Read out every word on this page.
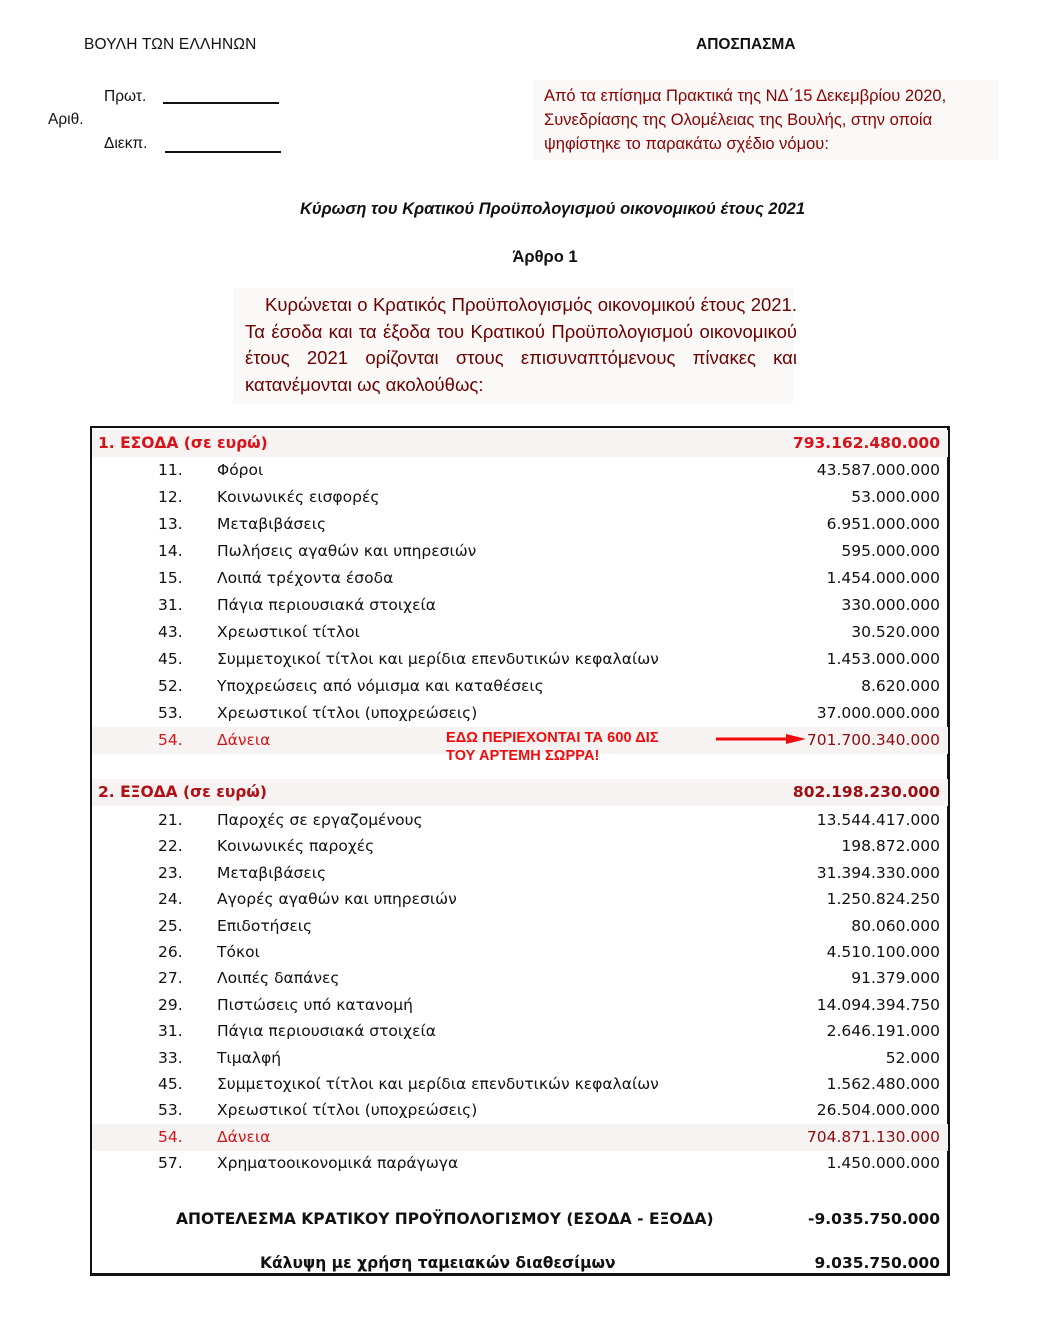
ΒΟΥΛΗ ΤΩΝ ΕΛΛΗΝΩΝ	ΑΠΟΣΠΑΣΜΑ
Πρωτ.
Αριθ.
Διεκπ.
Από τα επίσημα Πρακτικά της ΝΔ΄15 Δεκεμβρίου 2020,
Συνεδρίασης της Ολομέλειας της Βουλής, στην οποία
ψηφίστηκε το παρακάτω σχέδιο νόμου:
Κύρωση του Κρατικού Προϋπολογισμού οικονομικού έτους 2021
Άρθρο 1
Κυρώνεται ο Κρατικός Προϋπολογισμός οικονομικού έτους 2021. Τα έσοδα και τα έξοδα του Κρατικού Προϋπολογισμού οικονομικού έτους 2021 ορίζονται στους επισυναπτόμενους πίνακες και κατανέμονται ως ακολούθως:
1. ΕΣΟΔΑ (σε ευρώ)	793.162.480.000
11.	Φόροι	43.587.000.000
12.	Κοινωνικές εισφορές	53.000.000
13.	Μεταβιβάσεις	6.951.000.000
14.	Πωλήσεις αγαθών και υπηρεσιών	595.000.000
15.	Λοιπά τρέχοντα έσοδα	1.454.000.000
31.	Πάγια περιουσιακά στοιχεία	330.000.000
43.	Χρεωστικοί τίτλοι	30.520.000
45.	Συμμετοχικοί τίτλοι και μερίδια επενδυτικών κεφαλαίων	1.453.000.000
52.	Υποχρεώσεις από νόμισμα και καταθέσεις	8.620.000
53.	Χρεωστικοί τίτλοι (υποχρεώσεις)	37.000.000.000
54.	Δάνεια	701.700.340.000
ΕΔΩ ΠΕΡΙΕΧΟΝΤΑΙ ΤΑ 600 ΔΙΣ
ΤΟΥ ΑΡΤΕΜΗ ΣΩΡΡΑ!
2. ΕΞΟΔΑ (σε ευρώ)	802.198.230.000
21.	Παροχές σε εργαζομένους	13.544.417.000
22.	Κοινωνικές παροχές	198.872.000
23.	Μεταβιβάσεις	31.394.330.000
24.	Αγορές αγαθών και υπηρεσιών	1.250.824.250
25.	Επιδοτήσεις	80.060.000
26.	Τόκοι	4.510.100.000
27.	Λοιπές δαπάνες	91.379.000
29.	Πιστώσεις υπό κατανομή	14.094.394.750
31.	Πάγια περιουσιακά στοιχεία	2.646.191.000
33.	Τιμαλφή	52.000
45.	Συμμετοχικοί τίτλοι και μερίδια επενδυτικών κεφαλαίων	1.562.480.000
53.	Χρεωστικοί τίτλοι (υποχρεώσεις)	26.504.000.000
54.	Δάνεια	704.871.130.000
57.	Χρηματοοικονομικά παράγωγα	1.450.000.000
ΑΠΟΤΕΛΕΣΜΑ ΚΡΑΤΙΚΟΥ ΠΡΟΫΠΟΛΟΓΙΣΜΟΥ (ΕΣΟΔΑ - ΕΞΟΔΑ)	-9.035.750.000
Κάλυψη με χρήση ταμειακών διαθεσίμων	9.035.750.000
